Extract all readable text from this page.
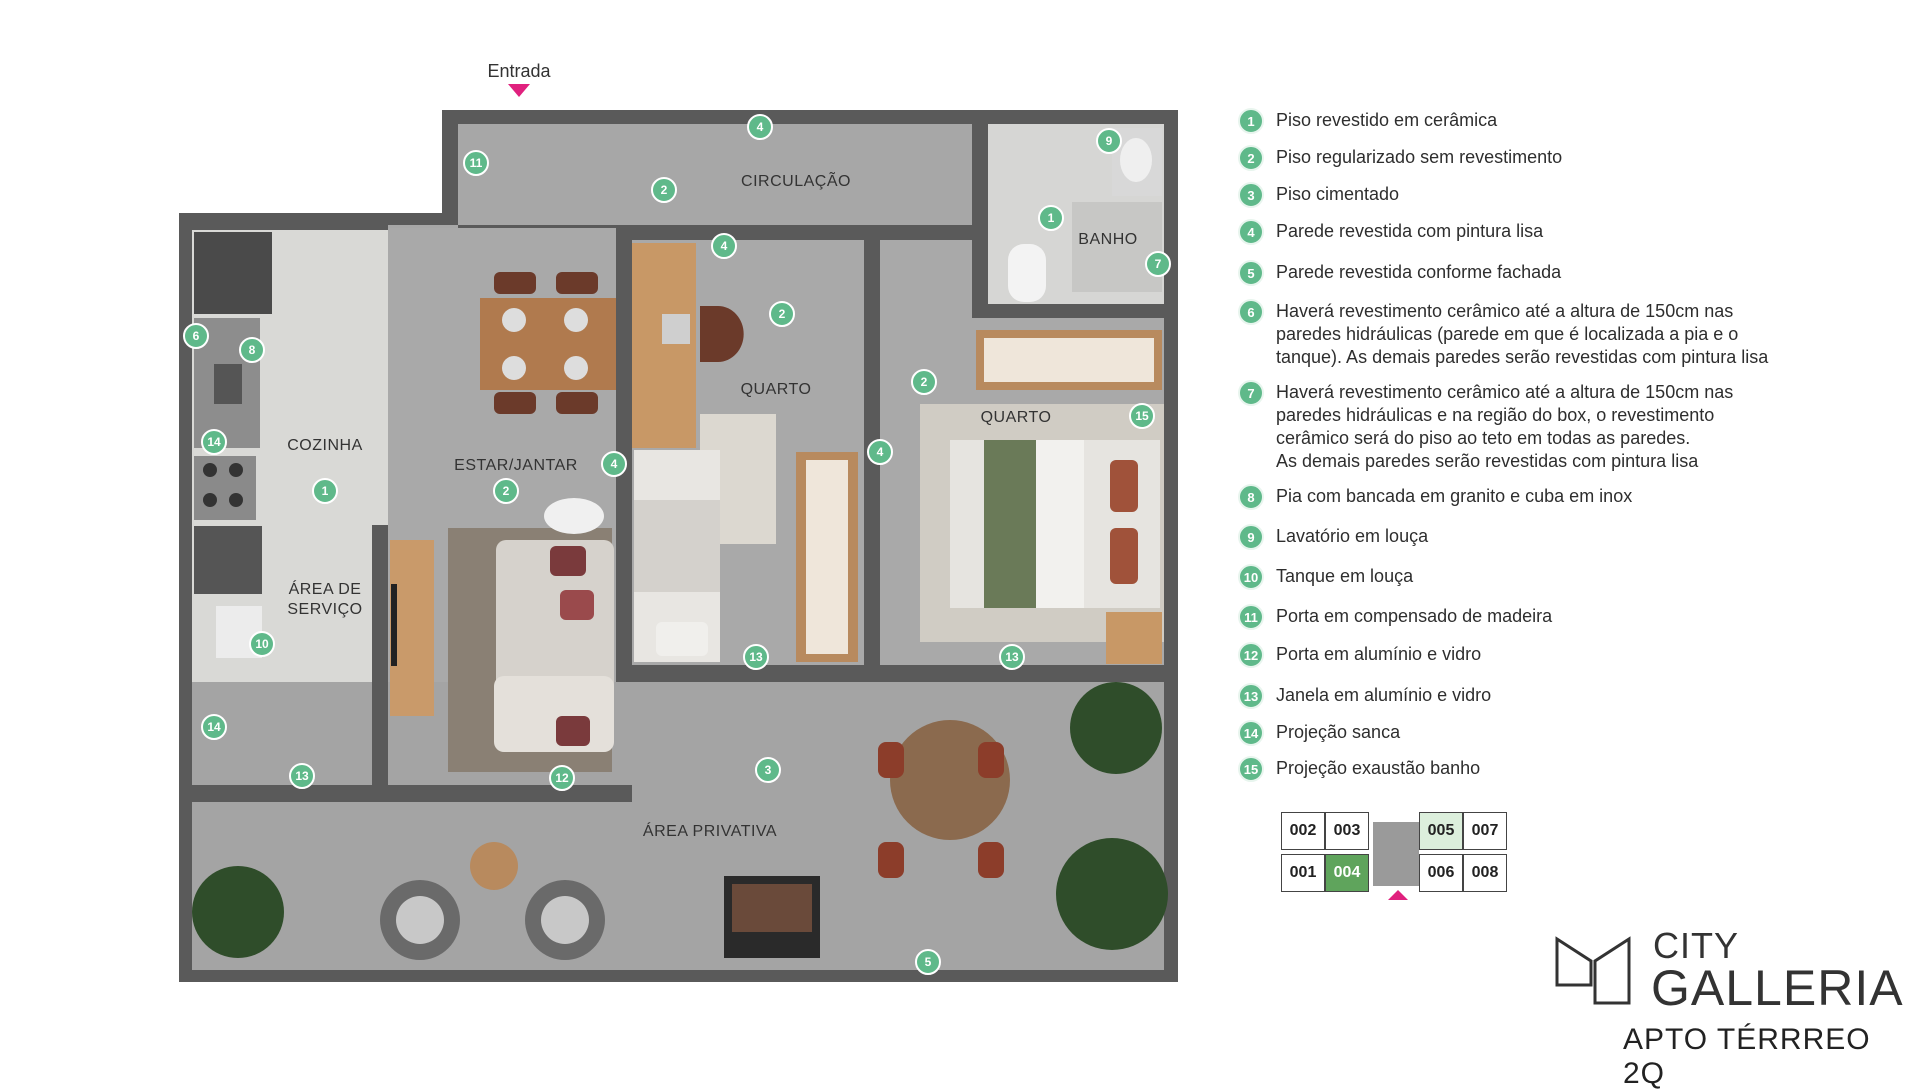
Entrada
CIRCULAÇÃO
BANHO
QUARTO
QUARTO
COZINHA
ESTAR/JANTAR
ÁREA DE
SERVIÇO
ÁREA PRIVATIVA
4
2
11
9
1
7
4
2
6
8
2
14
1	2
4
4
15
10
14
13
13	13
12
3
5
1	Piso revestido em cerâmica
2	Piso regularizado sem revestimento
3	Piso cimentado
4	Parede revestida com pintura lisa
5	Parede revestida conforme fachada
6	Haverá revestimento cerâmico até a altura de 150cm nas
paredes hidráulicas (parede em que é localizada a pia e o
tanque). As demais paredes serão revestidas com pintura lisa
7	Haverá revestimento cerâmico até a altura de 150cm nas
paredes hidráulicas e na região do box, o revestimento
cerâmico será do piso ao teto em todas as paredes.
As demais paredes serão revestidas com pintura lisa
8	Pia com bancada em granito e cuba em inox
9	Lavatório em louça
10 Tanque em louça
11	Porta em compensado de madeira
12 Porta em alumínio e vidro
13 Janela em alumínio e vidro
14 Projeção sanca
15 Projeção exaustão banho
002	003	005	007
001	004	006	008
CITY
GALLERIA
APTO TÉRRREO 2Q
